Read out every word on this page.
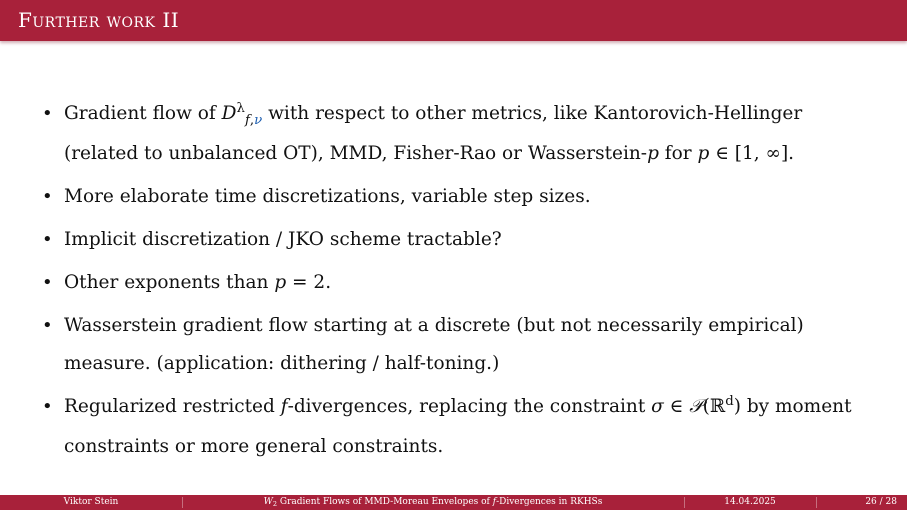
Further work II
• Gradient flow of $D^\lambda_{f,\nu}$ with respect to other metrics, like Kantorovich-Hellinger (related to unbalanced OT), MMD, Fisher-Rao or Wasserstein-p for p ∈ [1, ∞].
• More elaborate time discretizations, variable step sizes.
• Implicit discretization / JKO scheme tractable?
• Other exponents than p = 2.
• Wasserstein gradient flow starting at a discrete (but not necessarily empirical) measure. (application: dithering / half-toning.)
• Regularized restricted f-divergences, replacing the constraint σ ∈ 𝒫(ℝ$^d$) by moment constraints or more general constraints.
Viktor Stein	$W_2$ Gradient Flows of MMD-Moreau Envelopes of f-Divergences in RKHSs	14.04.2025	26 / 28
